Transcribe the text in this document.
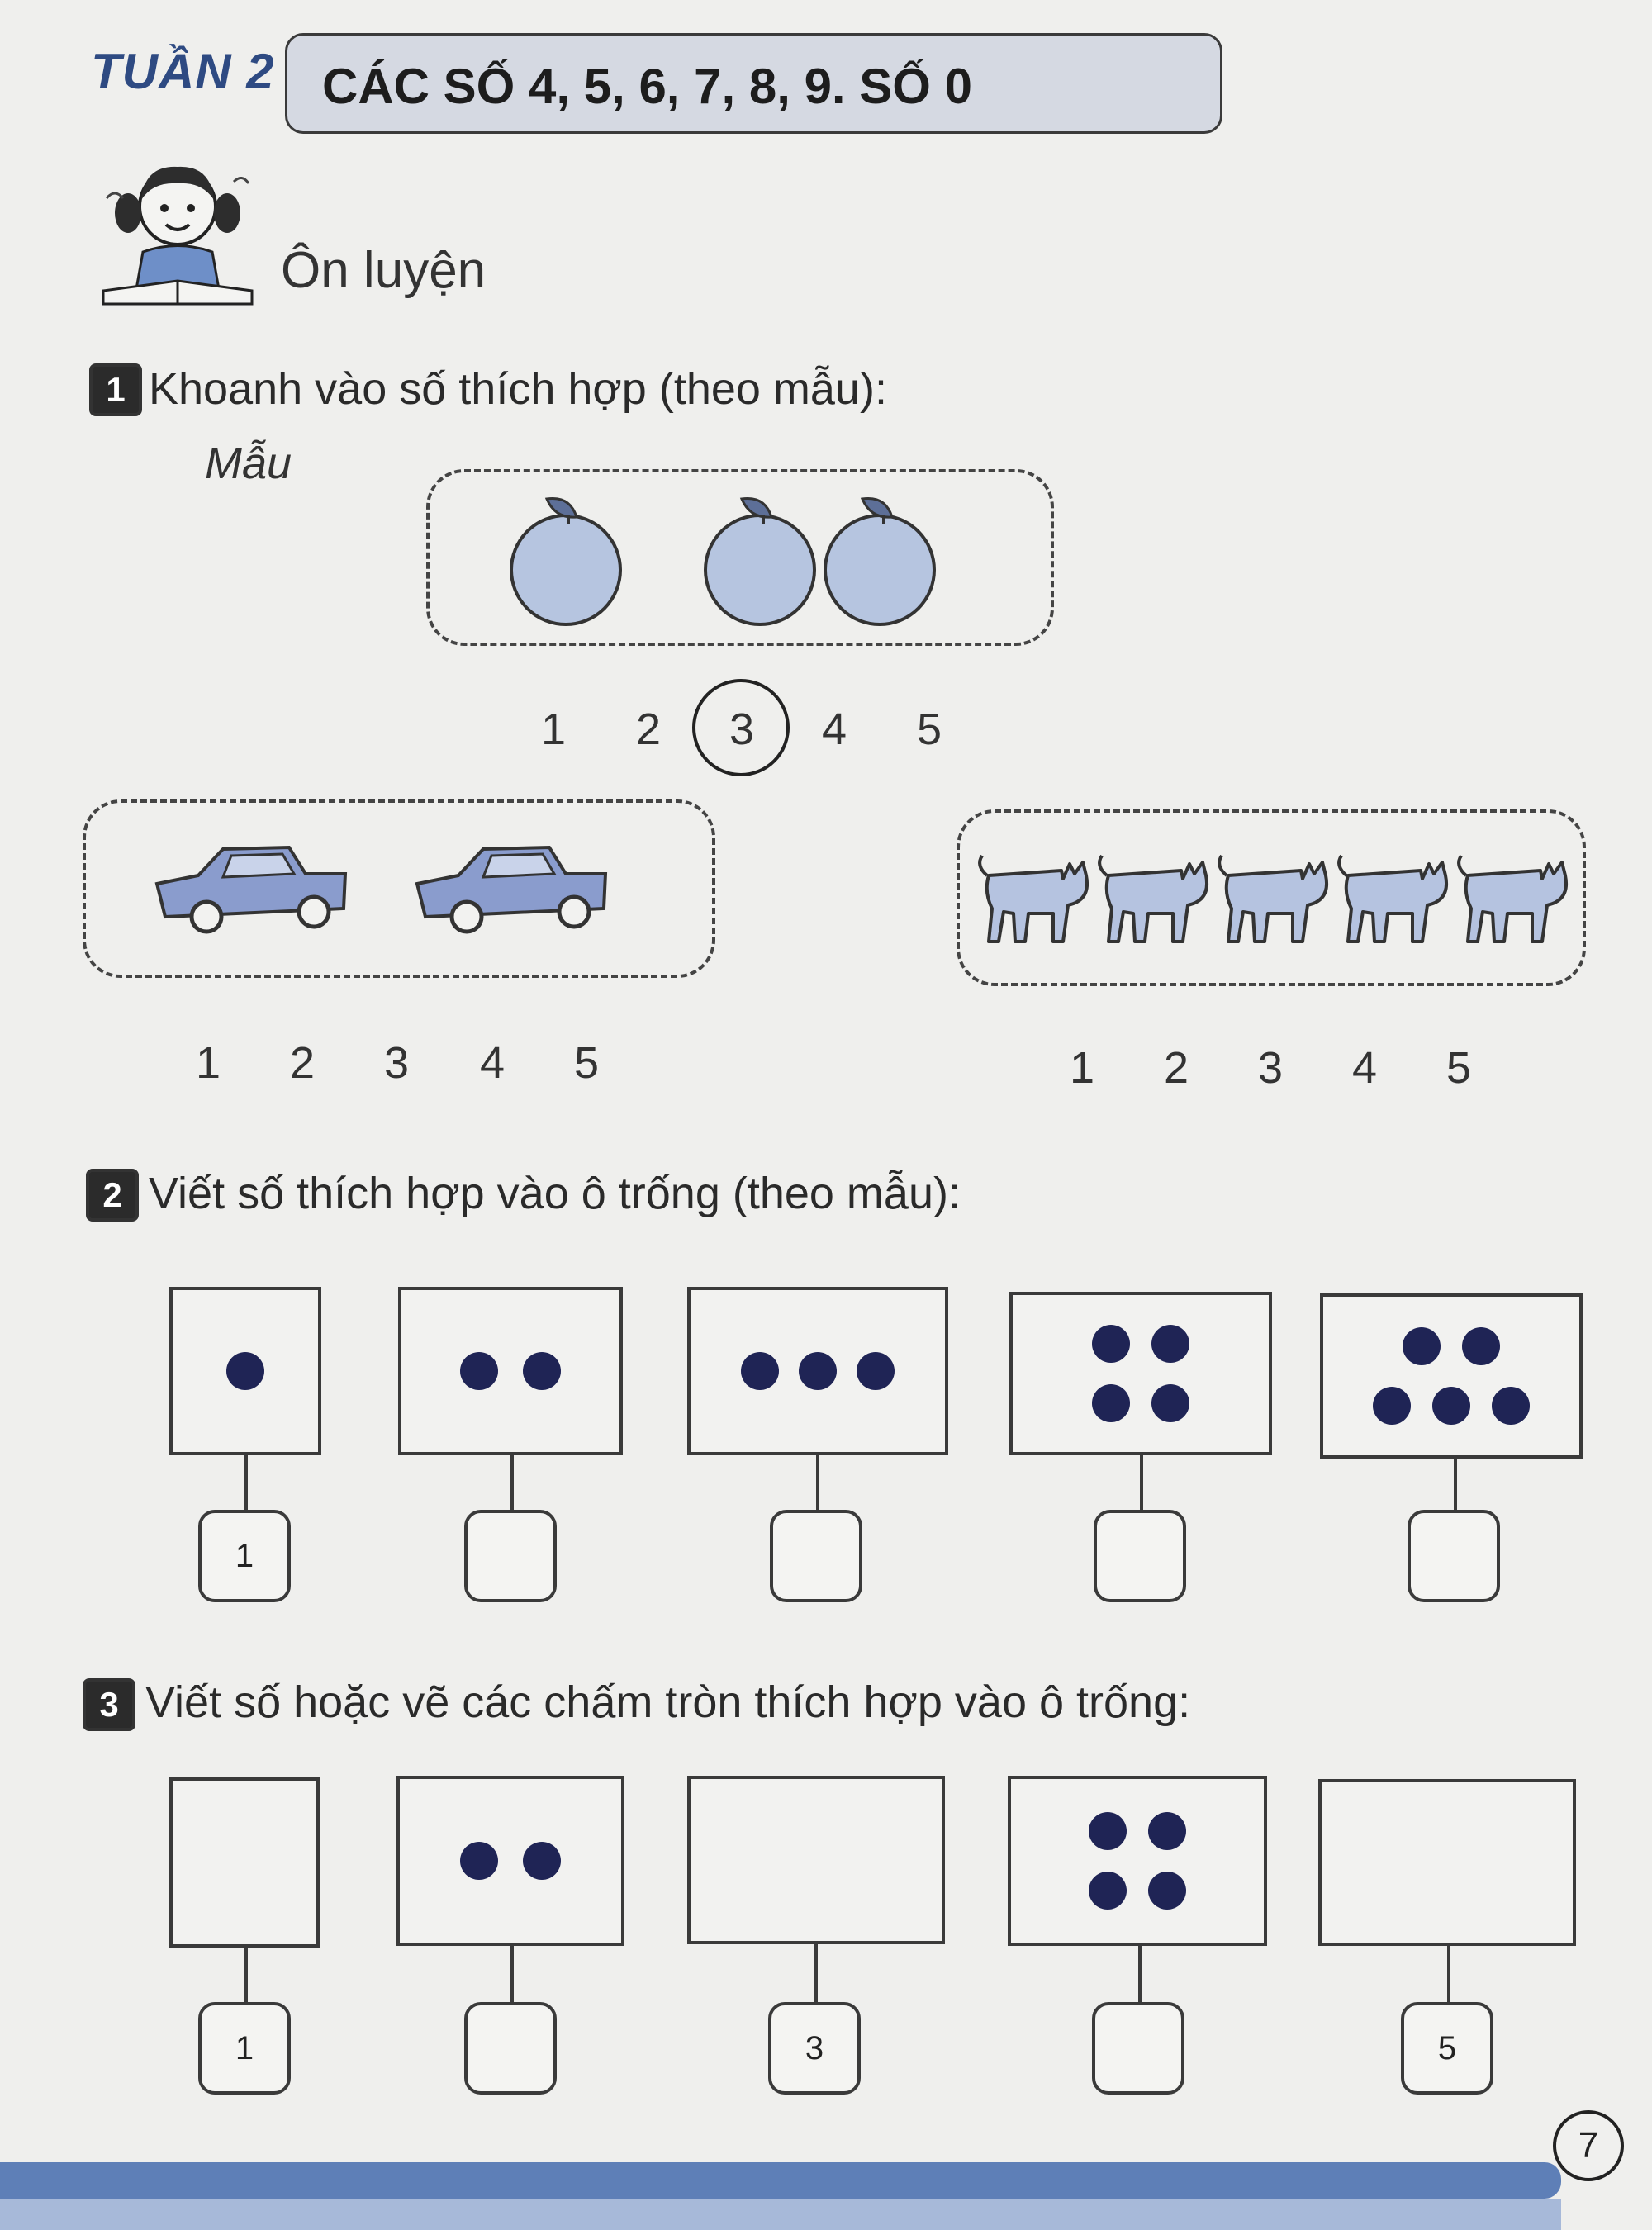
TUẦN 2 CÁC SỐ 4, 5, 6, 7, 8, 9. SỐ 0
Ôn luyện
1 Khoanh vào số thích hợp (theo mẫu):
Mẫu
1 2 3 4 5
1 2 3 4 5	1 2 3 4 5
2 Viết số thích hợp vào ô trống (theo mẫu):
1
3 Viết số hoặc vẽ các chấm tròn thích hợp vào ô trống:
1	3	5
7
